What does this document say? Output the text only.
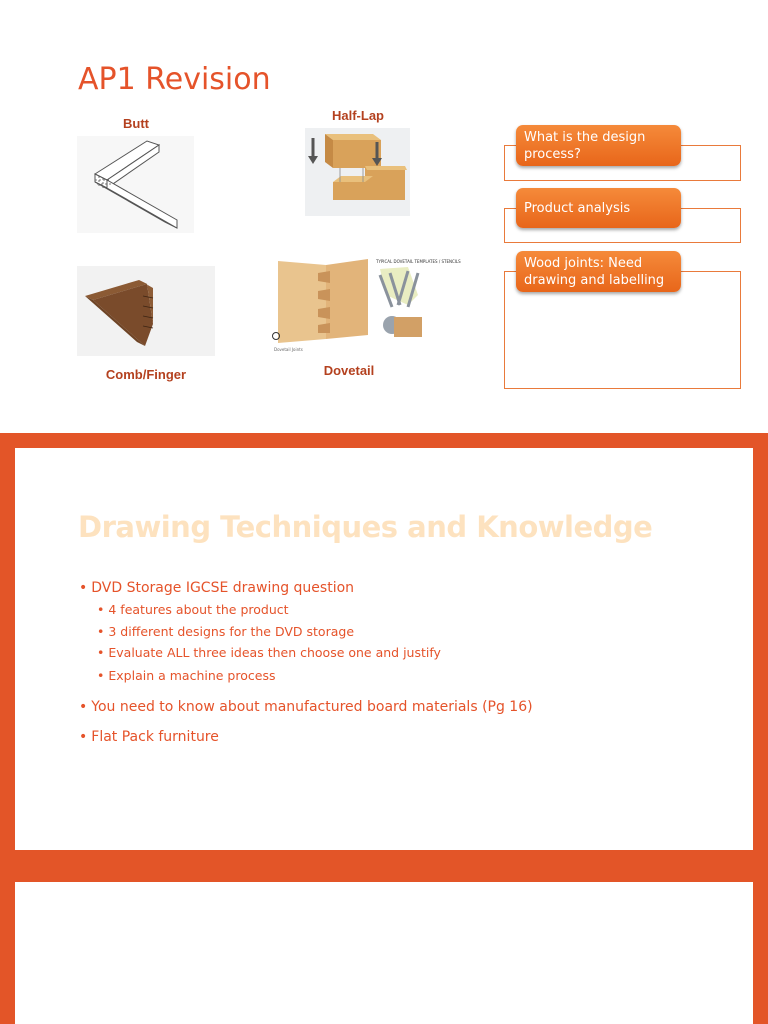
AP1 Revision
Butt
Half-Lap
Comb/Finger
TYPICAL DOVETAIL TEMPLATES / STENCILS
Dovetail Joints
Dovetail
What is the design process?
Product analysis
Wood joints: Need drawing and labelling
Drawing Techniques and Knowledge
• DVD Storage IGCSE drawing question
• 4 features about the product
• 3 different designs for the DVD storage
• Evaluate ALL three ideas then choose one and justify
• Explain a machine process
• You need to know about manufactured board materials (Pg 16)
• Flat Pack furniture
